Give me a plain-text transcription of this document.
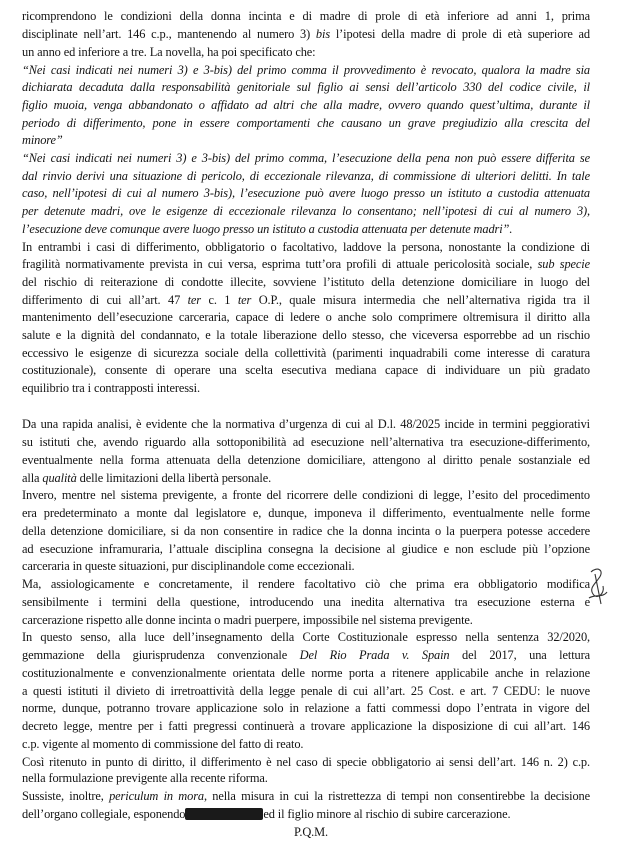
ricomprendono le condizioni della donna incinta e di madre di prole di età inferiore ad anni 1, prima
disciplinate nell’art. 146 c.p., mantenendo al numero 3) bis l’ipotesi della madre di prole di età superiore ad
un anno ed inferiore a tre. La novella, ha poi specificato che:
“Nei casi indicati nei numeri 3) e 3-bis) del primo comma il provvedimento è revocato, qualora la madre sia
dichiarata decaduta dalla responsabilità genitoriale sul figlio ai sensi dell’articolo 330 del codice civile, il
figlio muoia, venga abbandonato o affidato ad altri che alla madre, ovvero quando quest’ultima, durante il
periodo di differimento, pone in essere comportamenti che causano un grave pregiudizio alla crescita del
minore”
“Nei casi indicati nei numeri 3) e 3-bis) del primo comma, l’esecuzione della pena non può essere differita se
dal rinvio derivi una situazione di pericolo, di eccezionale rilevanza, di commissione di ulteriori delitti. In tale
caso, nell’ipotesi di cui al numero 3-bis), l’esecuzione può avere luogo presso un istituto a custodia attenuata
per detenute madri, ove le esigenze di eccezionale rilevanza lo consentano; nell’ipotesi di cui al numero 3),
l’esecuzione deve comunque avere luogo presso un istituto a custodia attenuata per detenute madri”.
In entrambi i casi di differimento, obbligatorio o facoltativo, laddove la persona, nonostante la condizione di
fragilità normativamente prevista in cui versa, esprima tutt’ora profili di attuale pericolosità sociale, sub specie
del rischio di reiterazione di condotte illecite, sovviene l’istituto della detenzione domiciliare in luogo del
differimento di cui all’art. 47 ter c. 1 ter O.P., quale misura intermedia che nell’alternativa rigida tra il
mantenimento dell’esecuzione carceraria, capace di ledere o anche solo comprimere oltremisura il diritto alla
salute e la dignità del condannato, e la totale liberazione dello stesso, che viceversa esporrebbe ad un rischio
eccessivo le esigenze di sicurezza sociale della collettività (parimenti inquadrabili come interesse di caratura
costituzionale), consente di operare una scelta esecutiva mediana capace di individuare un più gradato
equilibrio tra i contrapposti interessi.
Da una rapida analisi, è evidente che la normativa d’urgenza di cui al D.l. 48/2025 incide in termini peggiorativi
su istituti che, avendo riguardo alla sottoponibilità ad esecuzione nell’alternativa tra esecuzione-differimento,
eventualmente nella forma attenuata della detenzione domiciliare, attengono al diritto penale sostanziale ed
alla qualità delle limitazioni della libertà personale.
Invero, mentre nel sistema previgente, a fronte del ricorrere delle condizioni di legge, l’esito del procedimento
era predeterminato a monte dal legislatore e, dunque, imponeva il differimento, eventualmente nelle forme
della detenzione domiciliare, si da non consentire in radice che la donna incinta o la puerpera potesse accedere
ad esecuzione inframuraria, l’attuale disciplina consegna la decisione al giudice e non esclude più l’opzione
carceraria in queste situazioni, pur disciplinandole come eccezionali.
Ma, assiologicamente e concretamente, il rendere facoltativo ciò che prima era obbligatorio modifica
sensibilmente i termini della questione, introducendo una inedita alternativa tra esecuzione esterna e
carcerazione rispetto alle donne incinta o madri puerpere, impossibile nel sistema previgente.
In questo senso, alla luce dell’insegnamento della Corte Costituzionale espresso nella sentenza 32/2020,
gemmazione della giurisprudenza convenzionale Del Rio Prada v. Spain del 2017, una lettura
costituzionalmente e convenzionalmente orientata delle norme porta a ritenere applicabile anche in relazione
a questi istituti il divieto di irretroattività della legge penale di cui all’art. 25 Cost. e art. 7 CEDU: le nuove
norme, dunque, potranno trovare applicazione solo in relazione a fatti commessi dopo l’entrata in vigore del
decreto legge, mentre per i fatti pregressi continuerà a trovare applicazione la disposizione di cui all’art. 146
c.p. vigente al momento di commissione del fatto di reato.
Così ritenuto in punto di diritto, il differimento è nel caso di specie obbligatorio ai sensi dell’art. 146 n. 2) c.p.
nella formulazione previgente alla recente riforma.
Sussiste, inoltre, periculum in mora, nella misura in cui la ristrettezza di tempi non consentirebbe la decisione
dell’organo collegiale, esponendo	ed il figlio minore al rischio di subire carcerazione.
P.Q.M.
